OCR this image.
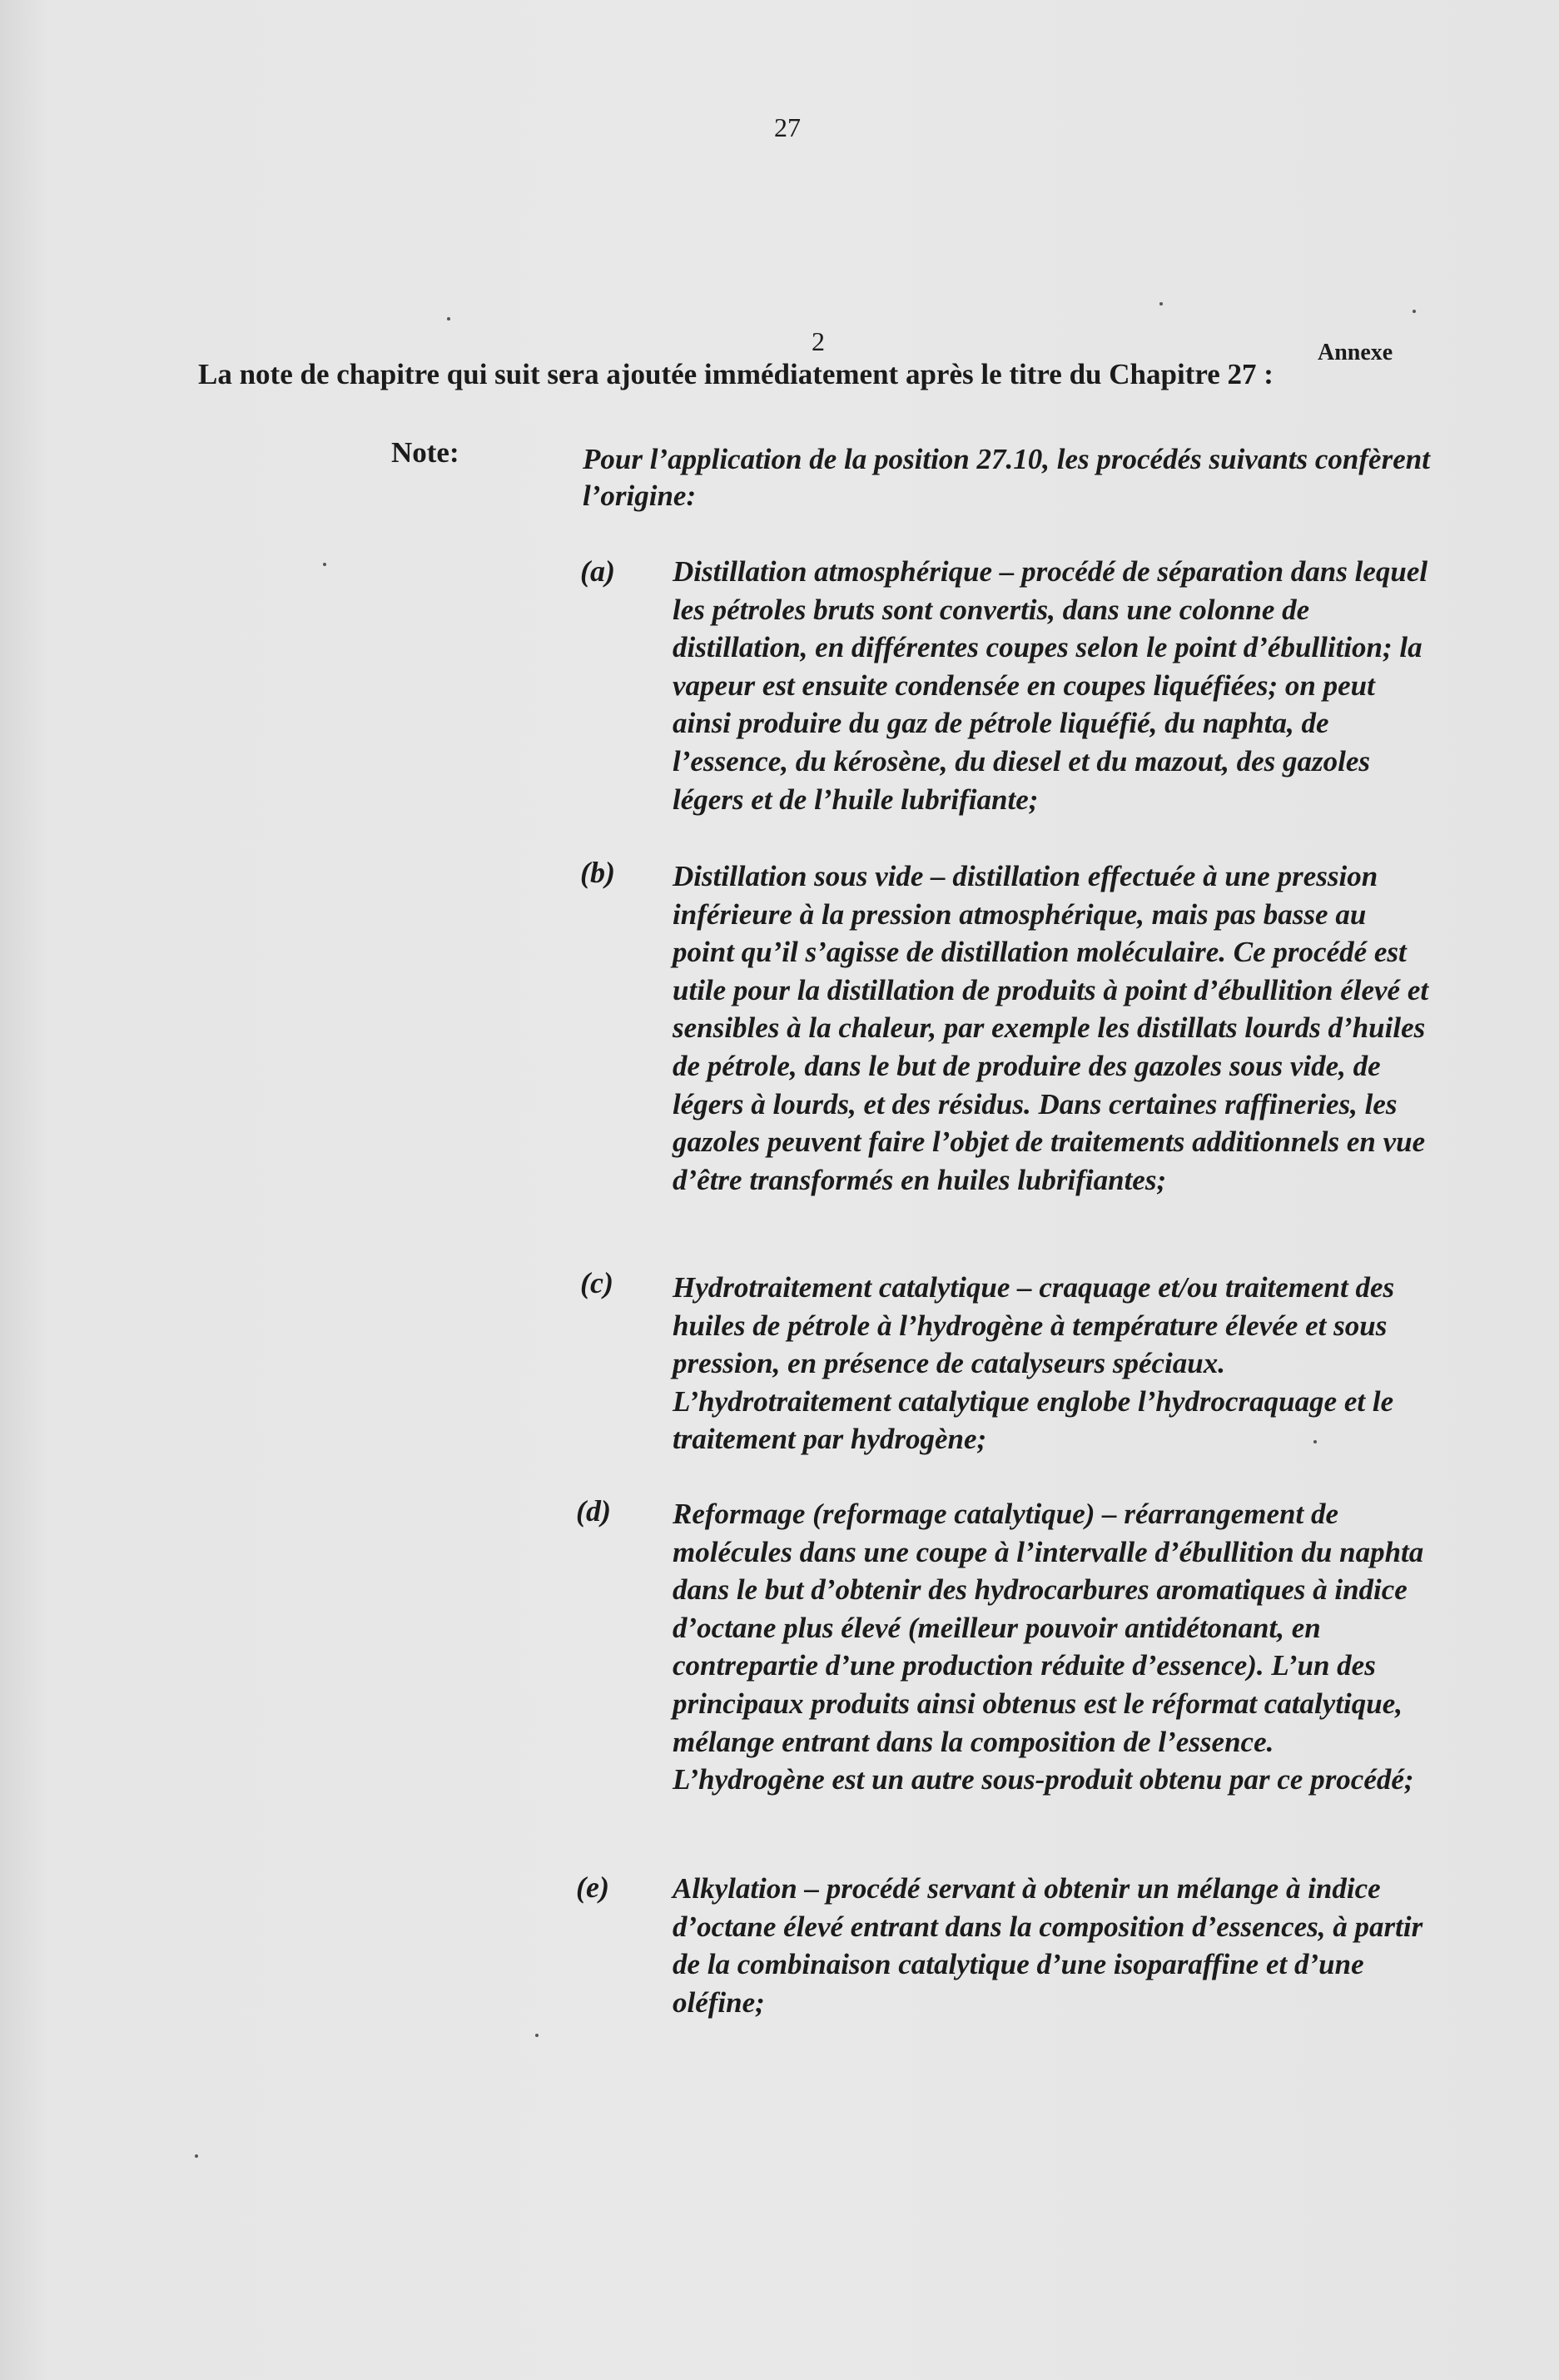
27
2	Annexe
La note de chapitre qui suit sera ajoutée immédiatement après le titre du Chapitre 27 :
Note:	Pour l’application de la position 27.10, les procédés suivants confèrent l’origine:
(a) Distillation atmosphérique – procédé de séparation dans lequel les pétroles bruts sont convertis, dans une colonne de distillation, en différentes coupes selon le point d’ébullition; la vapeur est ensuite condensée en coupes liquéfiées; on peut ainsi produire du gaz de pétrole liquéfié, du naphta, de l’essence, du kérosène, du diesel et du mazout, des gazoles légers et de l’huile lubrifiante;
(b) Distillation sous vide – distillation effectuée à une pression inférieure à la pression atmosphérique, mais pas basse au point qu’il s’agisse de distillation moléculaire. Ce procédé est utile pour la distillation de produits à point d’ébullition élevé et sensibles à la chaleur, par exemple les distillats lourds d’huiles de pétrole, dans le but de produire des gazoles sous vide, de légers à lourds, et des résidus. Dans certaines raffineries, les gazoles peuvent faire l’objet de traitements additionnels en vue d’être transformés en huiles lubrifiantes;
(c) Hydrotraitement catalytique – craquage et/ou traitement des huiles de pétrole à l’hydrogène à température élevée et sous pression, en présence de catalyseurs spéciaux. L’hydrotraitement catalytique englobe l’hydrocraquage et le traitement par hydrogène;
(d) Reformage (reformage catalytique) – réarrangement de molécules dans une coupe à l’intervalle d’ébullition du naphta dans le but d’obtenir des hydrocarbures aromatiques à indice d’octane plus élevé (meilleur pouvoir antidétonant, en contrepartie d’une production réduite d’essence). L’un des principaux produits ainsi obtenus est le réformat catalytique, mélange entrant dans la composition de l’essence. L’hydrogène est un autre sous-produit obtenu par ce procédé;
(e) Alkylation – procédé servant à obtenir un mélange à indice d’octane élevé entrant dans la composition d’essences, à partir de la combinaison catalytique d’une isoparaffine et d’une oléfine;
